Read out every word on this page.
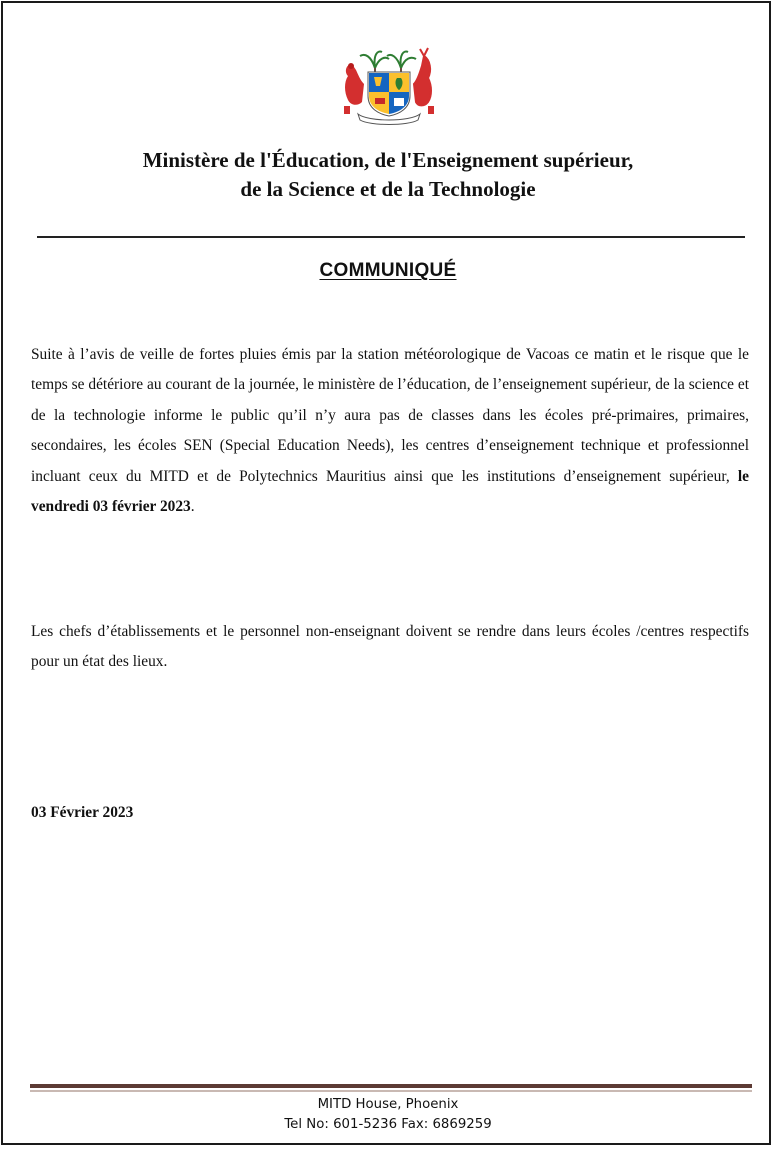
Ministère de l'Éducation, de l'Enseignement supérieur,
de la Science et de la Technologie
COMMUNIQUÉ

Suite à l’avis de veille de fortes pluies émis par la station météorologique de Vacoas ce matin et le risque que le temps se détériore au courant de la journée, le ministère de l’éducation, de l’enseignement supérieur, de la science et de la technologie informe le public qu’il n’y aura pas de classes dans les écoles pré-primaires, primaires, secondaires, les écoles SEN (Special Education Needs), les centres d’enseignement technique et professionnel incluant ceux du MITD et de Polytechnics Mauritius ainsi que les institutions d’enseignement supérieur, le vendredi 03 février 2023.

Les chefs d’établissements et le personnel non-enseignant doivent se rendre dans leurs écoles /centres respectifs pour un état des lieux.

03 Février 2023
MITD House, Phoenix
Tel No: 601-5236 Fax: 6869259
